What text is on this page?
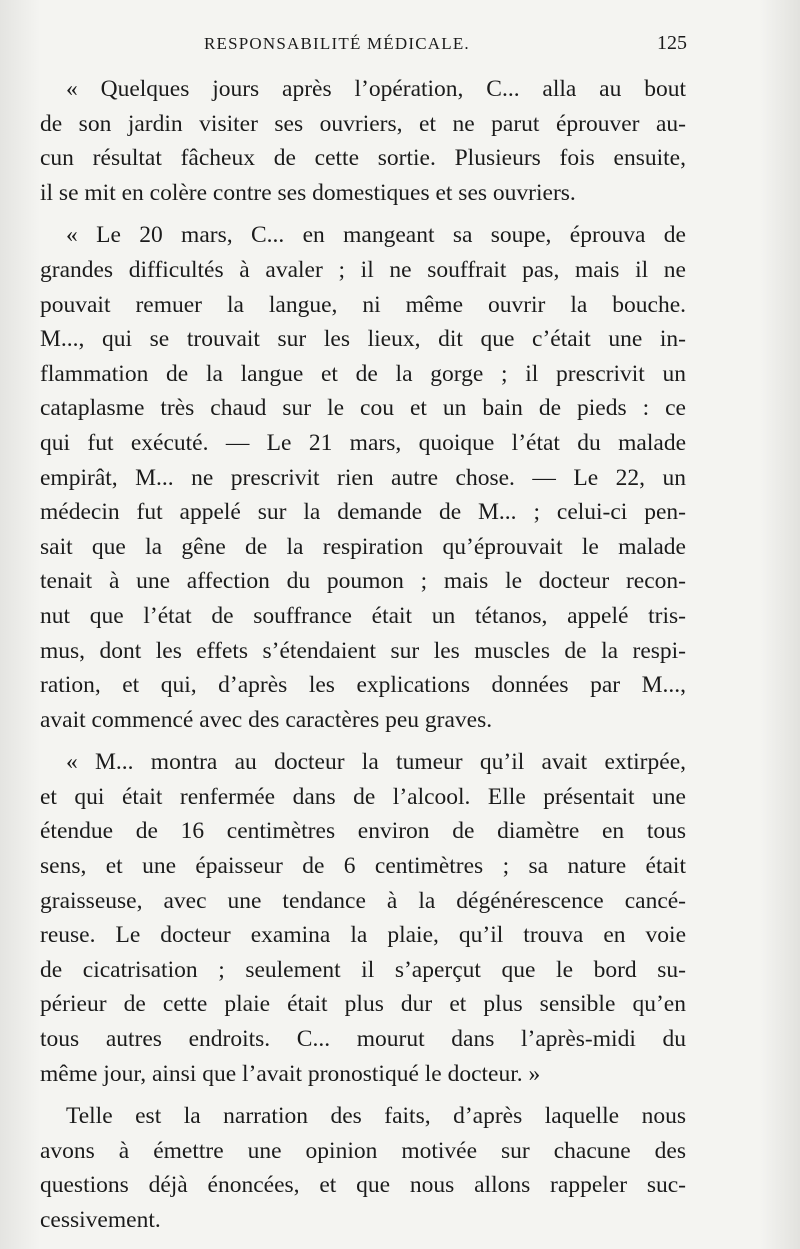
RESPONSABILITÉ MÉDICALE.	125
« Quelques jours après l’opération, C... alla au bout
de son jardin visiter ses ouvriers, et ne parut éprouver au-
cun résultat fâcheux de cette sortie. Plusieurs fois ensuite,
il se mit en colère contre ses domestiques et ses ouvriers.
« Le 20 mars, C... en mangeant sa soupe, éprouva de
grandes difficultés à avaler ; il ne souffrait pas, mais il ne
pouvait remuer la langue, ni même ouvrir la bouche.
M..., qui se trouvait sur les lieux, dit que c’était une in-
flammation de la langue et de la gorge ; il prescrivit un
cataplasme très chaud sur le cou et un bain de pieds : ce
qui fut exécuté. — Le 21 mars, quoique l’état du malade
empirât, M... ne prescrivit rien autre chose. — Le 22, un
médecin fut appelé sur la demande de M... ; celui-ci pen-
sait que la gêne de la respiration qu’éprouvait le malade
tenait à une affection du poumon ; mais le docteur recon-
nut que l’état de souffrance était un tétanos, appelé tris-
mus, dont les effets s’étendaient sur les muscles de la respi-
ration, et qui, d’après les explications données par M...,
avait commencé avec des caractères peu graves.
« M... montra au docteur la tumeur qu’il avait extirpée,
et qui était renfermée dans de l’alcool. Elle présentait une
étendue de 16 centimètres environ de diamètre en tous
sens, et une épaisseur de 6 centimètres ; sa nature était
graisseuse, avec une tendance à la dégénérescence cancé-
reuse. Le docteur examina la plaie, qu’il trouva en voie
de cicatrisation ; seulement il s’aperçut que le bord su-
périeur de cette plaie était plus dur et plus sensible qu’en
tous autres endroits. C... mourut dans l’après-midi du
même jour, ainsi que l’avait pronostiqué le docteur. »
Telle est la narration des faits, d’après laquelle nous
avons à émettre une opinion motivée sur chacune des
questions déjà énoncées, et que nous allons rappeler suc-
cessivement.
